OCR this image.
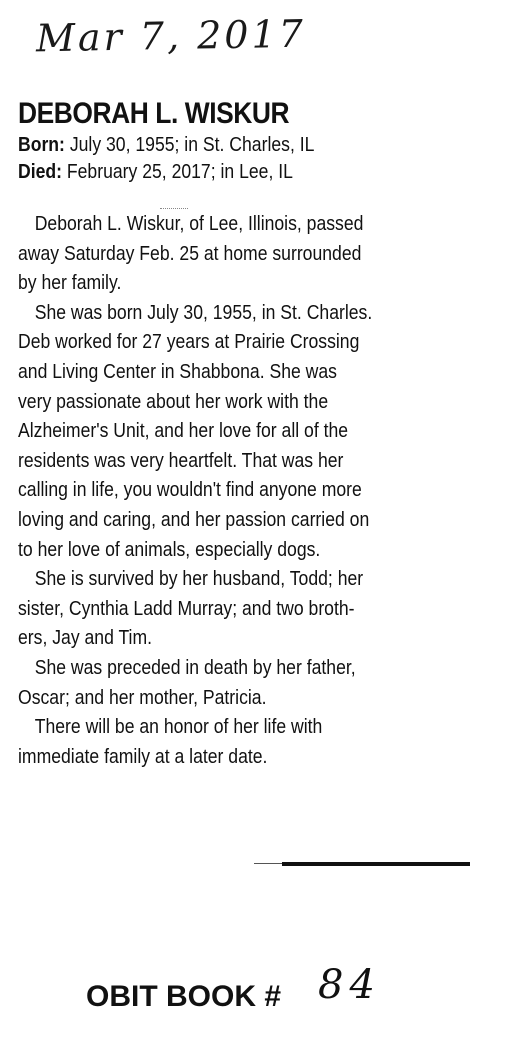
Mar 7, 2017
DEBORAH L. WISKUR
Born: July 30, 1955; in St. Charles, IL
Died: February 25, 2017; in Lee, IL
Deborah L. Wiskur, of Lee, Illinois, passed
away Saturday Feb. 25 at home surrounded
by her family.
She was born July 30, 1955, in St. Charles.
Deb worked for 27 years at Prairie Crossing
and Living Center in Shabbona. She was
very passionate about her work with the
Alzheimer's Unit, and her love for all of the
residents was very heartfelt. That was her
calling in life, you wouldn't find anyone more
loving and caring, and her passion carried on
to her love of animals, especially dogs.
She is survived by her husband, Todd; her
sister, Cynthia Ladd Murray; and two broth-
ers, Jay and Tim.
She was preceded in death by her father,
Oscar; and her mother, Patricia.
There will be an honor of her life with
immediate family at a later date.
OBIT BOOK # 84
